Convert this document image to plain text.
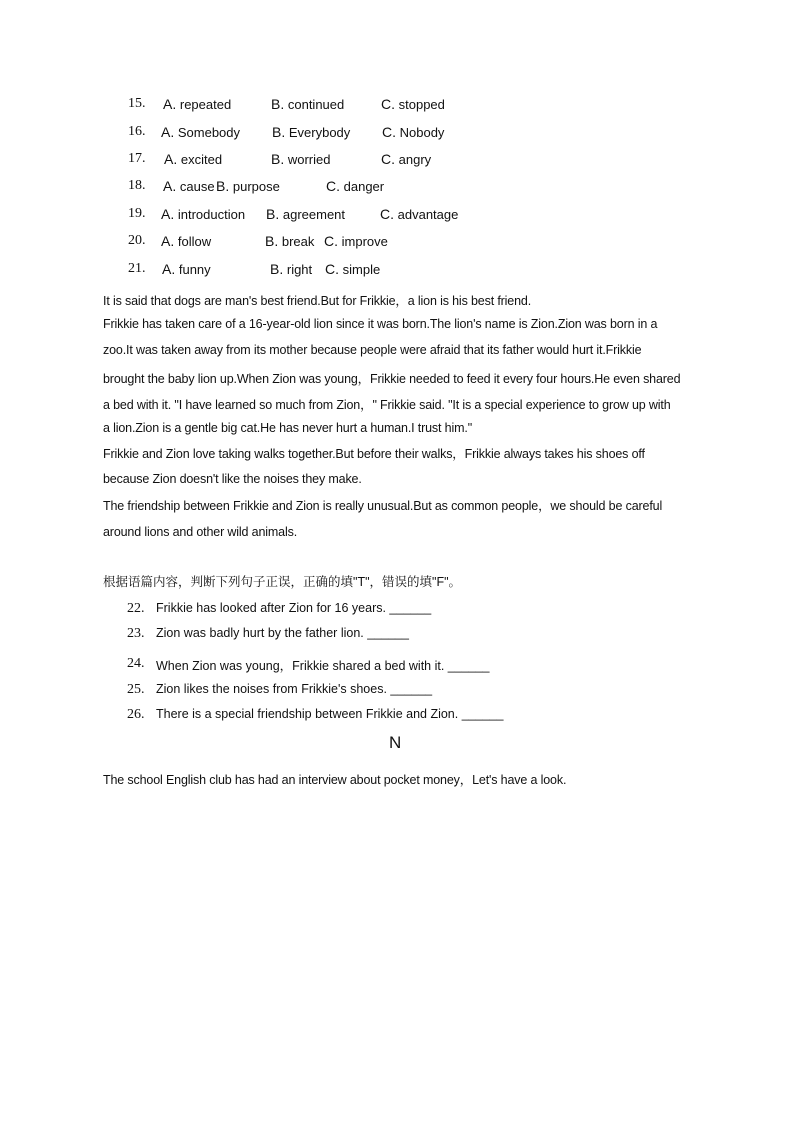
15. A. repeated	B. continued	C. stopped
16. A. Somebody B. Everybody C. Nobody
17. A. excited	B. worried	C. angry
18. A. cause B. purpose	C. danger
19. A. introduction B. agreement C. advantage
20. A. follow	B. break C. improve
21. A. funny	B. right C. simple
It is said that dogs are man's best friend.But for Frikkie，a lion is his best friend.
Frikkie has taken care of a 16-year-old lion since it was born.The lion's name is Zion.Zion was born in a
zoo.It was taken away from its mother because people were afraid that its father would hurt it.Frikkie
brought the baby lion up.When Zion was young，Frikkie needed to feed it every four hours.He even shared
a bed with it. "I have learned so much from Zion，" Frikkie said. "It is a special experience to grow up with
a lion.Zion is a gentle big cat.He has never hurt a human.I trust him."
Frikkie and Zion love taking walks together.But before their walks，Frikkie always takes his shoes off
because Zion doesn't like the noises they make.
The friendship between Frikkie and Zion is really unusual.But as common people，we should be careful
around lions and other wild animals.
根据语篇内容，判断下列句子正误，正确的填"T"，错误的填"F"。
22. Frikkie has looked after Zion for 16 years. ______
23. Zion was badly hurt by the father lion. ______
24. When Zion was young，Frikkie shared a bed with it. ______
25. Zion likes the noises from Frikkie's shoes. ______
26. There is a special friendship between Frikkie and Zion. ______
N
The school English club has had an interview about pocket money，Let's have a look.
